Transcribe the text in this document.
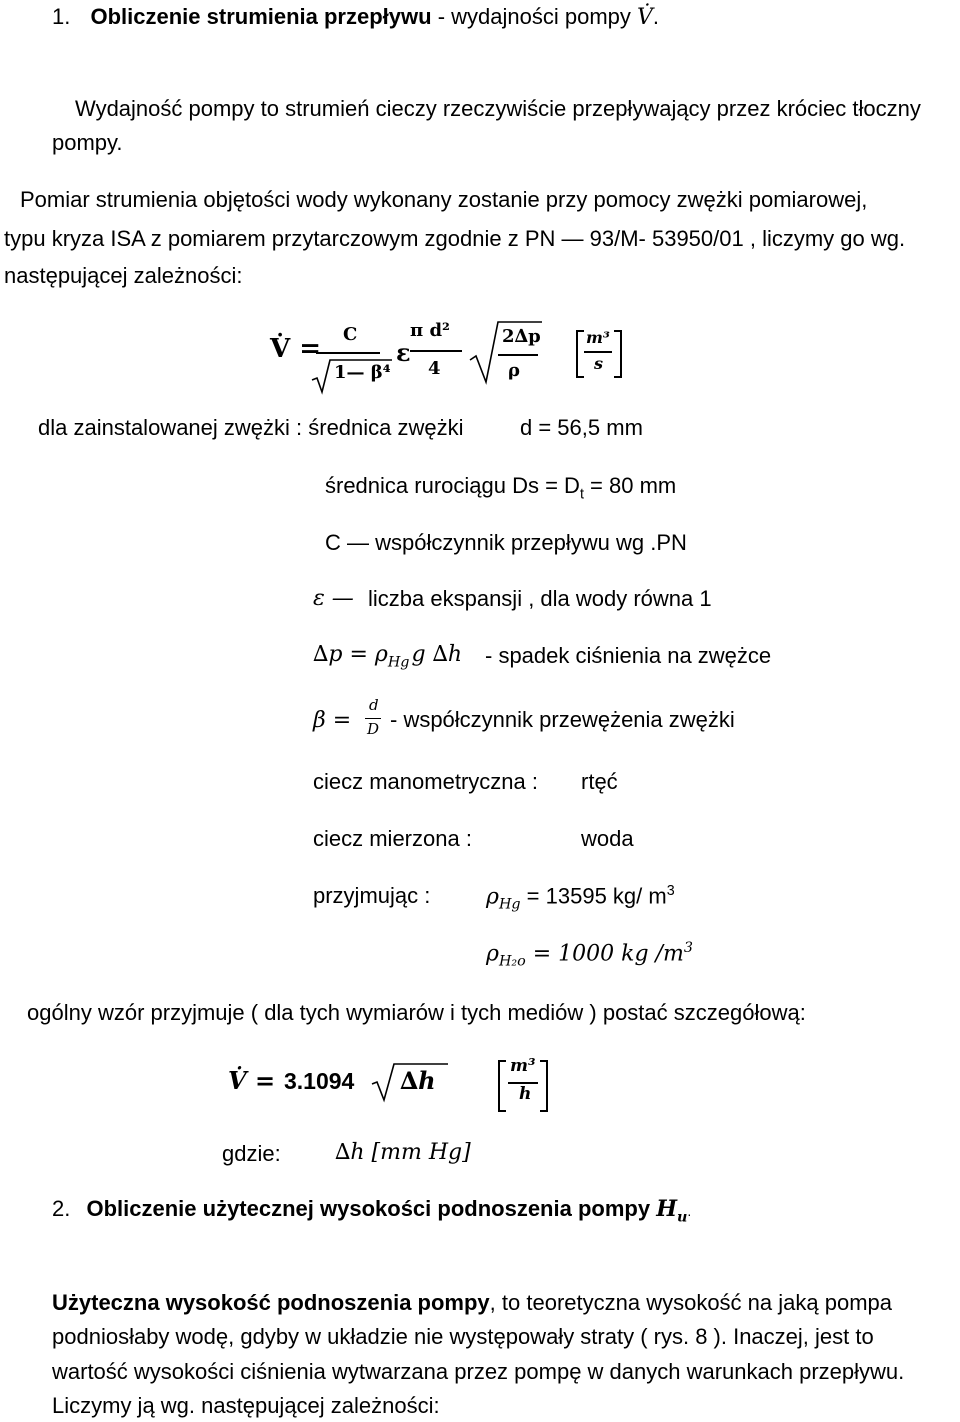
1. Obliczenie strumienia przepływu - wydajności pompy V̇.
Wydajność pompy to strumień cieczy rzeczywiście przepływający przez króciec tłoczny
pompy.
Pomiar strumienia objętości wody wykonany zostanie przy pomocy zwężki pomiarowej,
typu kryza ISA z pomiarem przytarczowym zgodnie z PN — 93/M- 53950/01 , liczymy go wg.
następującej zależności:
V̇ = C
1— β⁴
ε
π d²
4
2∆p
ρ
m³
s
dla zainstalowanej zwężki : średnica zwężki	d = 56,5 mm
średnica rurociągu $Ds = D_t = 80$ mm
C — współczynnik przepływu wg .PN
ε — liczba ekspansji , dla wody równa 1
$\Delta p = \rho_{Hg}g$ ∆h - spadek ciśnienia na zwężce
β =
d
D - współczynnik przewężenia zwężki
ciecz manometryczna : rtęć
ciecz mierzona :	woda
przyjmując :	$\rho_{Hg} = 13595$ kg/ $m^3$
$\rho_{H_2o} = 1000$ kg $/m^3$
ogólny wzór przyjmuje ( dla tych wymiarów i tych mediów ) postać szczegółową:
V̇ = 3.1094 ∆h	m³
h
gdzie: ∆h [mm Hg]
2. Obliczenie użytecznej wysokości podnoszenia pompy $H_u$.
Użyteczna wysokość podnoszenia pompy, to teoretyczna wysokość na jaką pompa
podniosłaby wodę, gdyby w układzie nie występowały straty ( rys. 8 ). Inaczej, jest to
wartość wysokości ciśnienia wytwarzana przez pompę w danych warunkach przepływu.
Liczymy ją wg. następującej zależności:
